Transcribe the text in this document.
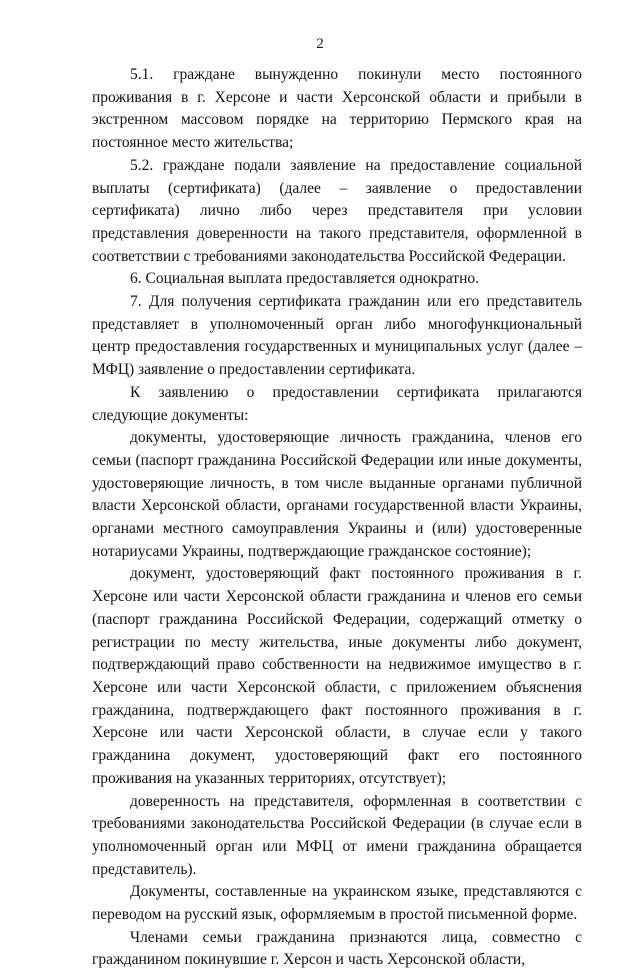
2

5.1. граждане вынужденно покинули место постоянного проживания в г. Херсоне и части Херсонской области и прибыли в экстренном массовом порядке на территорию Пермского края на постоянное место жительства;

5.2. граждане подали заявление на предоставление социальной выплаты (сертификата) (далее – заявление о предоставлении сертификата) лично либо через представителя при условии представления доверенности на такого представителя, оформленной в соответствии с требованиями законодательства Российской Федерации.

6. Социальная выплата предоставляется однократно.

7. Для получения сертификата гражданин или его представитель представляет в уполномоченный орган либо многофункциональный центр предоставления государственных и муниципальных услуг (далее – МФЦ) заявление о предоставлении сертификата.

К заявлению о предоставлении сертификата прилагаются следующие документы:

документы, удостоверяющие личность гражданина, членов его семьи (паспорт гражданина Российской Федерации или иные документы, удостоверяющие личность, в том числе выданные органами публичной власти Херсонской области, органами государственной власти Украины, органами местного самоуправления Украины и (или) удостоверенные нотариусами Украины, подтверждающие гражданское состояние);

документ, удостоверяющий факт постоянного проживания в г. Херсоне или части Херсонской области гражданина и членов его семьи (паспорт гражданина Российской Федерации, содержащий отметку о регистрации по месту жительства, иные документы либо документ, подтверждающий право собственности на недвижимое имущество в г. Херсоне или части Херсонской области, с приложением объяснения гражданина, подтверждающего факт постоянного проживания в г. Херсоне или части Херсонской области, в случае если у такого гражданина документ, удостоверяющий факт его постоянного проживания на указанных территориях, отсутствует);

доверенность на представителя, оформленная в соответствии с требованиями законодательства Российской Федерации (в случае если в уполномоченный орган или МФЦ от имени гражданина обращается представитель).

Документы, составленные на украинском языке, представляются с переводом на русский язык, оформляемым в простой письменной форме.

Членами семьи гражданина признаются лица, совместно с гражданином покинувшие г. Херсон и часть Херсонской области,
